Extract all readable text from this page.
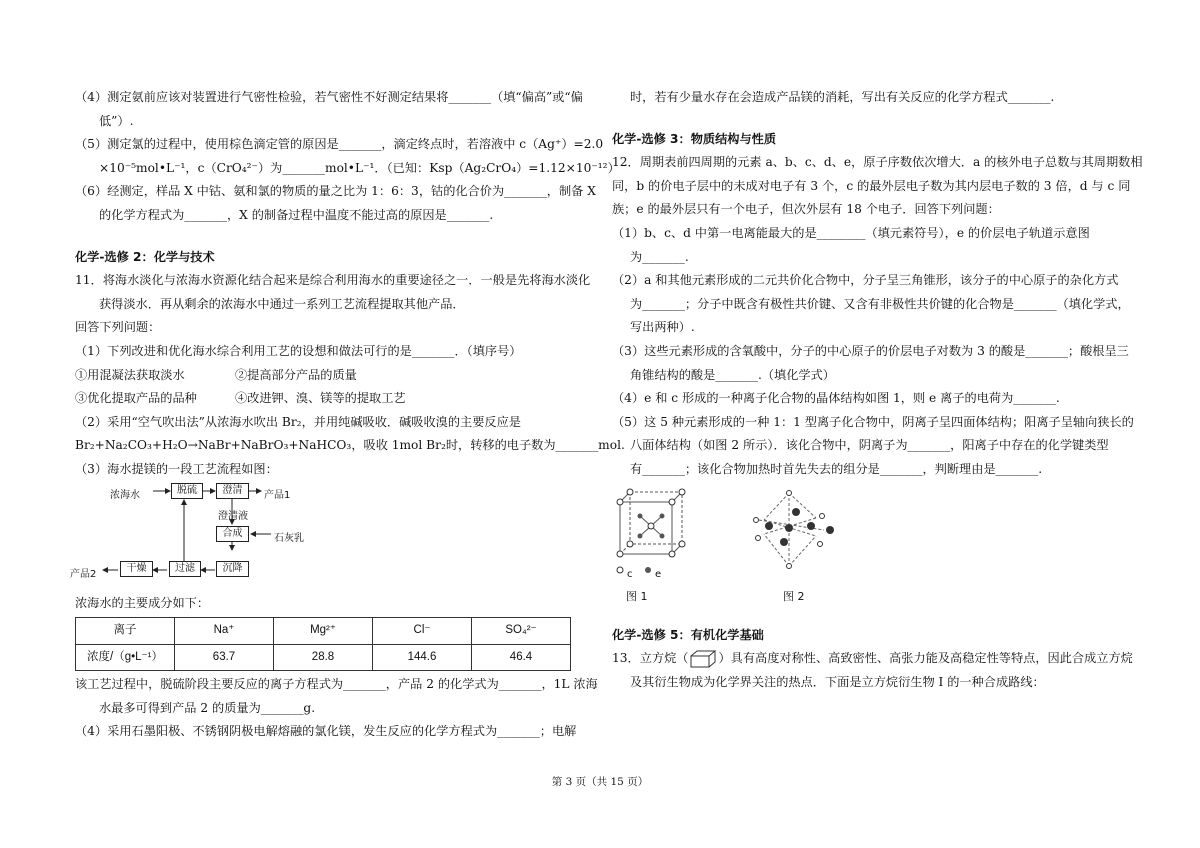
（4）测定氨前应该对装置进行气密性检验，若气密性不好测定结果将_______（填“偏高”或“偏

低”）.

（5）测定氯的过程中，使用棕色滴定管的原因是_______，滴定终点时，若溶液中 c（Ag⁺）=2.0

×10⁻⁵mol•L⁻¹，c（CrO₄²⁻）为_______mol•L⁻¹．（已知：Ksp（Ag₂CrO₄）=1.12×10⁻¹²）

（6）经测定，样品 X 中钴、氨和氯的物质的量之比为 1：6：3，钴的化合价为_______，制备 X

的化学方程式为_______，X 的制备过程中温度不能过高的原因是_______.

化学-选修 2：化学与技术

11．将海水淡化与浓海水资源化结合起来是综合利用海水的重要途径之一．一般是先将海水淡化

获得淡水．再从剩余的浓海水中通过一系列工艺流程提取其他产品．

回答下列问题：

（1）下列改进和优化海水综合利用工艺的设想和做法可行的是_______．（填序号）

①用混凝法获取淡水	②提高部分产品的质量

③优化提取产品的品种	④改进钾、溴、镁等的提取工艺

（2）采用“空气吹出法”从浓海水吹出 Br₂，并用纯碱吸收．碱吸收溴的主要反应是

Br₂+Na₂CO₃+H₂O→NaBr+NaBrO₃+NaHCO₃，吸收 1mol Br₂时，转移的电子数为_______mol.

（3）海水提镁的一段工艺流程如图：

浓海水	脱硫	澄清	产品1
澄清液
合成	石灰乳
沉降
过滤
干燥
产品2

浓海水的主要成分如下：

离子	Na⁺	Mg²⁺	Cl⁻	SO₄²⁻
浓度/（g•L⁻¹）	63.7	28.8	144.6	46.4

该工艺过程中，脱硫阶段主要反应的离子方程式为_______，产品 2 的化学式为_______，1L 浓海

水最多可得到产品 2 的质量为_______g.

（4）采用石墨阳极、不锈钢阴极电解熔融的氯化镁，发生反应的化学方程式为_______；电解

时，若有少量水存在会造成产品镁的消耗，写出有关反应的化学方程式_______.

化学-选修 3：物质结构与性质

12．周期表前四周期的元素 a、b、c、d、e，原子序数依次增大．a 的核外电子总数与其周期数相

同，b 的价电子层中的未成对电子有 3 个，c 的最外层电子数为其内层电子数的 3 倍，d 与 c 同

族；e 的最外层只有一个电子，但次外层有 18 个电子．回答下列问题：

（1）b、c、d 中第一电离能最大的是________（填元素符号），e 的价层电子轨道示意图

为_______.

（2）a 和其他元素形成的二元共价化合物中，分子呈三角锥形，该分子的中心原子的杂化方式

为_______；分子中既含有极性共价键、又含有非极性共价键的化合物是_______（填化学式，

写出两种）.

（3）这些元素形成的含氧酸中，分子的中心原子的价层电子对数为 3 的酸是_______；酸根呈三

角锥结构的酸是_______.（填化学式）

（4）e 和 c 形成的一种离子化合物的晶体结构如图 1，则 e 离子的电荷为_______.

（5）这 5 种元素形成的一种 1：1 型离子化合物中，阴离子呈四面体结构；阳离子呈轴向狭长的

八面体结构（如图 2 所示）．该化合物中，阴离子为_______，阳离子中存在的化学键类型

有_______；该化合物加热时首先失去的组分是_______，判断理由是_______.

c e
图 1	图 2

化学-选修 5：有机化学基础

13．立方烷（ ）具有高度对称性、高致密性、高张力能及高稳定性等特点，因此合成立方烷

及其衍生物成为化学界关注的热点．下面是立方烷衍生物 I 的一种合成路线：

第 3 页（共 15 页）
